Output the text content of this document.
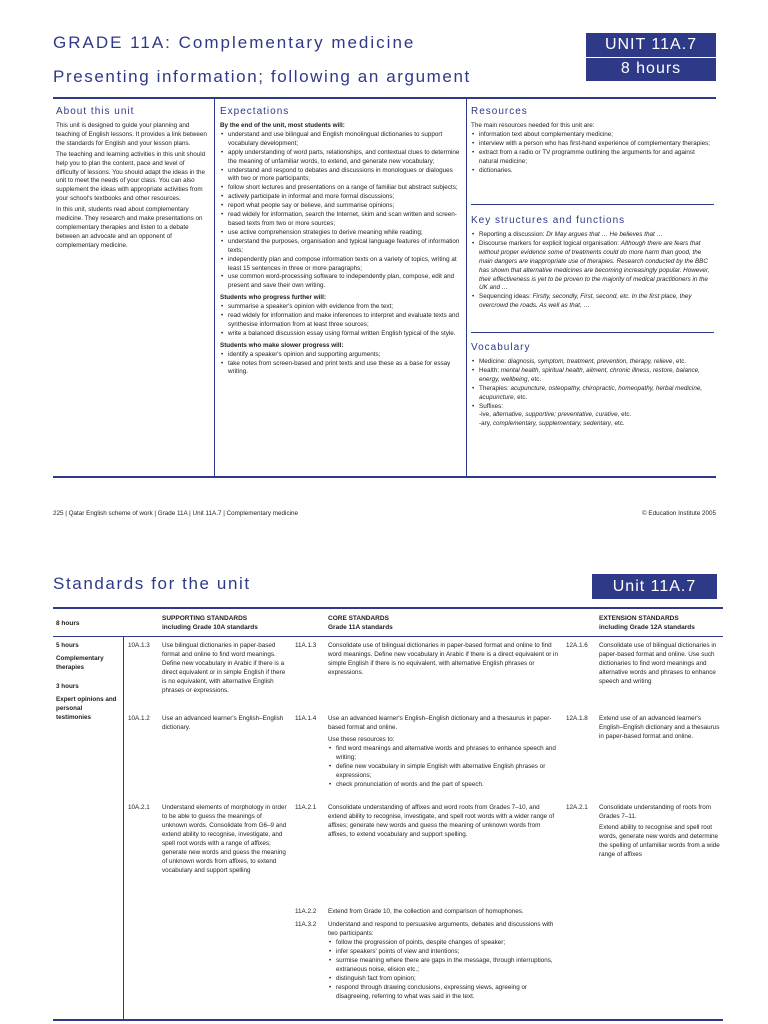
GRADE 11A: Complementary medicine
Presenting information; following an argument
UNIT 11A.7
8 hours
About this unit

This unit is designed to guide your planning and teaching of English lessons. It provides a link between the standards for English and your lesson plans.

The teaching and learning activities in this unit should help you to plan the content, pace and level of difficulty of lessons. You should adapt the ideas in the unit to meet the needs of your class. You can also supplement the ideas with appropriate activities from your school's textbooks and other resources.

In this unit, students read about complementary medicine. They research and make presentations on complementary therapies and listen to a debate between an advocate and an opponent of complementary medicine.

Expectations
By the end of the unit, most students will:
• understand and use bilingual and English monolingual dictionaries to support vocabulary development;
• apply understanding of word parts, relationships, and contextual clues to determine the meaning of unfamiliar words, to extend, and generate new vocabulary;
• understand and respond to debates and discussions in monologues or dialogues with two or more participants;
• follow short lectures and presentations on a range of familiar but abstract subjects;
• actively participate in informal and more formal discussions;
• report what people say or believe, and summarise opinions;
• read widely for information, search the Internet, skim and scan written and screen-based texts from two or more sources;
• use active comprehension strategies to derive meaning while reading;
• understand the purposes, organisation and typical language features of information texts;
• independently plan and compose information texts on a variety of topics, writing at least 15 sentences in three or more paragraphs;
• use common word-processing software to independently plan, compose, edit and present and save their own writing.
Students who progress further will:
• summarise a speaker's opinion with evidence from the text;
• read widely for information and make inferences to interpret and evaluate texts and synthesise information from at least three sources;
• write a balanced discussion essay using formal written English typical of the style.
Students who make slower progress will:
• identify a speaker's opinion and supporting arguments;
• take notes from screen-based and print texts and use these as a base for essay writing.
Resources
The main resources needed for this unit are:
• information text about complementary medicine;
• interview with a person who has first-hand experience of complementary therapies;
• extract from a radio or TV programme outlining the arguments for and against natural medicine;
• dictionaries.
Key structures and functions
• Reporting a discussion: Dr May argues that … He believes that …
• Discourse markers for explicit logical organisation: Although there are fears that without proper evidence some of treatments could do more harm than good, the main dangers are inappropriate use of therapies. Research conducted by the BBC has shown that alternative medicines are becoming increasingly popular. However, their effectiveness is yet to be proven to the majority of medical practitioners in the UK and …
• Sequencing ideas: Firstly, secondly, First, second, etc. In the first place, they overcrowd the roads. As well as that, …
Vocabulary
• Medicine: diagnosis, symptom, treatment, prevention, therapy, relieve, etc.
• Health: mental health, spiritual health, ailment, chronic illness, restore, balance, energy, wellbeing, etc.
• Therapies: acupuncture, osteopathy, chiropractic, homeopathy, herbal medicine, acupuncture, etc.
• Suffixes:
-ive, alternative, supportive; preventative, curative, etc.
-ary, complementary, supplementary, sedentary, etc.
225 | Qatar English scheme of work | Grade 11A | Unit 11A.7 | Complementary medicine	© Education Institute 2005
Standards for the unit	Unit 11A.7
8 hours
SUPPORTING STANDARDS
including Grade 10A standards
CORE STANDARDS
Grade 11A standards
EXTENSION STANDARDS
including Grade 12A standards
5 hours
Complementary therapies
3 hours
Expert opinions and personal testimonies
10A.1.3 Use bilingual dictionaries in paper-based format and online to find word meanings. Define new vocabulary in Arabic if there is a direct equivalent or in simple English if there is no equivalent, with alternative English phrases or expressions.
11A.1.3 Consolidate use of bilingual dictionaries in paper-based format and online to find word meanings. Define new vocabulary in Arabic if there is a direct equivalent or in simple English if there is no equivalent, with alternative English phrases or expressions.
12A.1.6 Consolidate use of bilingual dictionaries in paper-based format and online. Use such dictionaries to find word meanings and alternative words and phrases to enhance speech and writing
10A.1.2 Use an advanced learner's English–English dictionary.
11A.1.4 Use an advanced learner's English–English dictionary and a thesaurus in paper-based format and online.
Use these resources to:
• find word meanings and alternative words and phrases to enhance speech and writing;
• define new vocabulary in simple English with alternative English phrases or expressions;
• check pronunciation of words and the part of speech.
12A.1.8 Extend use of an advanced learner's English–English dictionary and a thesaurus in paper-based format and online.
10A.2.1 Understand elements of morphology in order to be able to guess the meanings of unknown words. Consolidate from G6–9 and extend ability to recognise, investigate, and spell root words with a range of affixes; generate new words and guess the meaning of unknown words from affixes, to extend vocabulary and support spelling
11A.2.1 Consolidate understanding of affixes and word roots from Grades 7–10, and extend ability to recognise, investigate, and spell root words with a wider range of affixes; generate new words and guess the meaning of unknown words from affixes, to extend vocabulary and support spelling.
12A.2.1 Consolidate understanding of roots from Grades 7–11.
Extend ability to recognise and spell root words, generate new words and determine the spelling of unfamiliar words from a wide range of affixes
11A.2.2 Extend from Grade 10, the collection and comparison of homophones.
11A.3.2 Understand and respond to persuasive arguments, debates and discussions with two participants:
• follow the progression of points, despite changes of speaker;
• infer speakers' points of view and intentions;
• surmise meaning where there are gaps in the message, through interruptions, extraneous noise, elision etc.;
• distinguish fact from opinion;
• respond through drawing conclusions, expressing views, agreeing or disagreeing, referring to what was said in the text.
